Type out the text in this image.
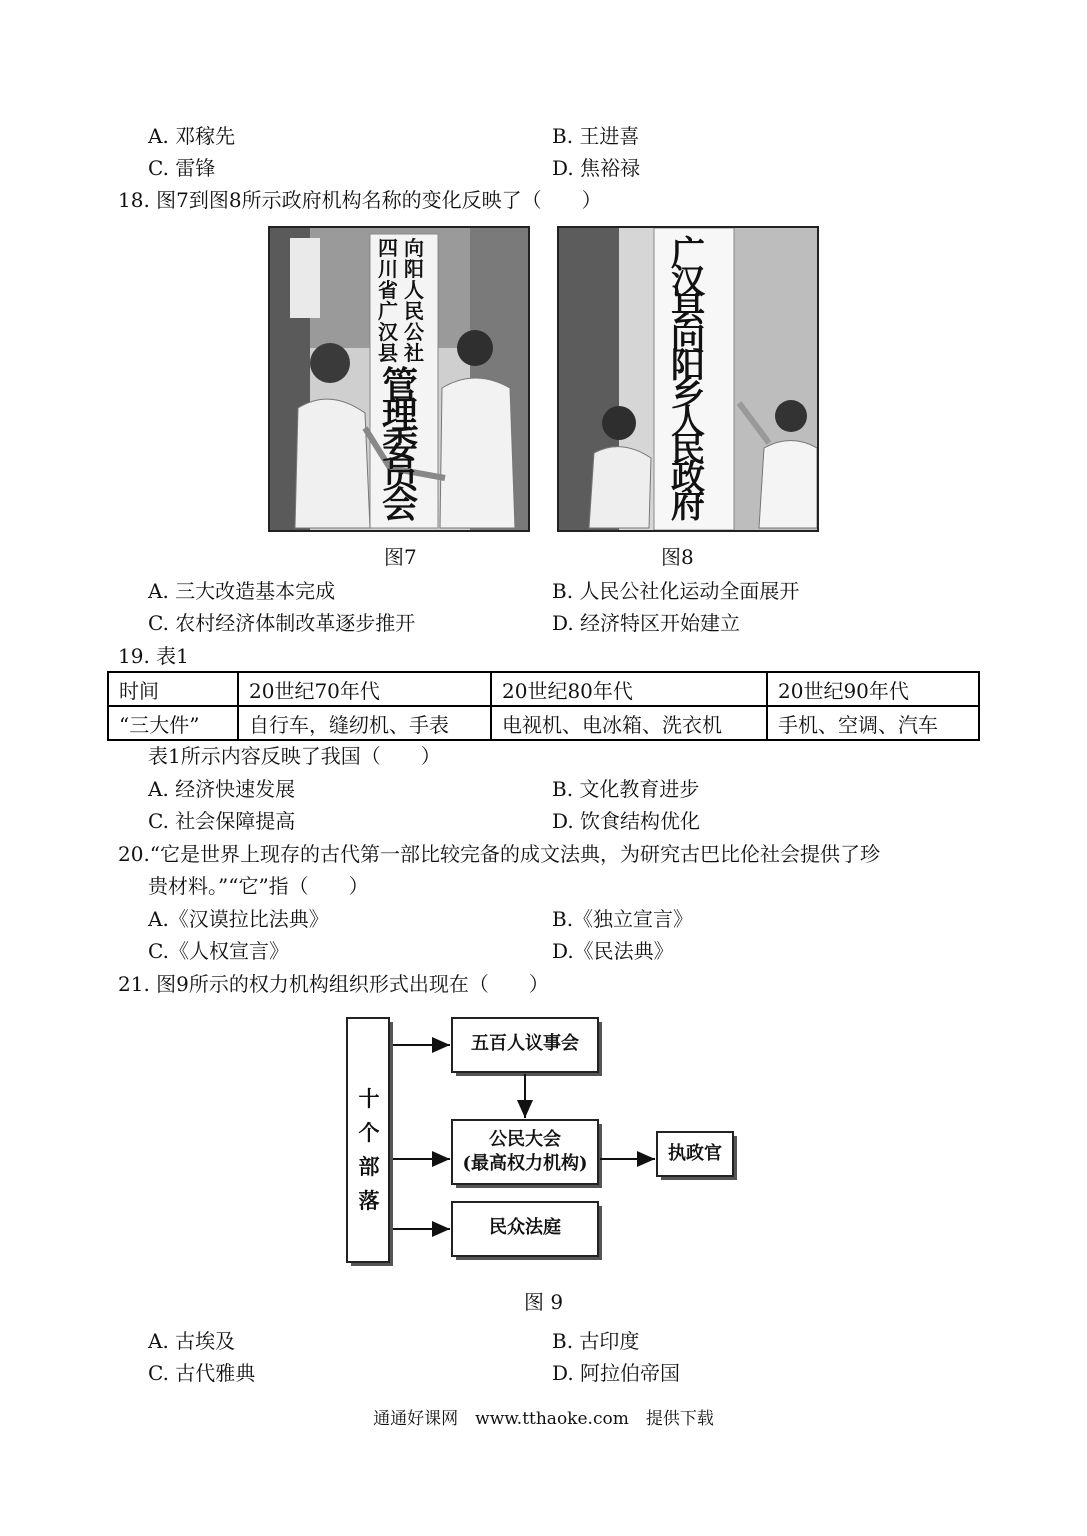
A. 邓稼先	B. 王进喜
C. 雷锋	D. 焦裕禄
18. 图7到图8所示政府机构名称的变化反映了（　　）
向阳人民公社
四川省广汉县
管理委员会
广汉县向阳乡人民政府
图7	图8
A. 三大改造基本完成	B. 人民公社化运动全面展开
C. 农村经济体制改革逐步推开	D. 经济特区开始建立
19. 表1
时间	20世纪70年代	20世纪80年代	20世纪90年代
“三大件”	自行车，缝纫机、手表	电视机、电冰箱、洗衣机	手机、空调、汽车
表1所示内容反映了我国（　　）
A. 经济快速发展	B. 文化教育进步
C. 社会保障提高	D. 饮食结构优化
20.“它是世界上现存的古代第一部比较完备的成文法典，为研究古巴比伦社会提供了珍
贵材料。”“它”指（　　）
A.《汉谟拉比法典》	B.《独立宣言》
C.《人权宣言》	D.《民法典》
21. 图9所示的权力机构组织形式出现在（　　）
十
个
部
落
五百人议事会
公民大会
(最高权力机构)	执政官
民众法庭
图 9
A. 古埃及	B. 古印度
C. 古代雅典	D. 阿拉伯帝国
通通好课网　www.tthaoke.com　提供下载
